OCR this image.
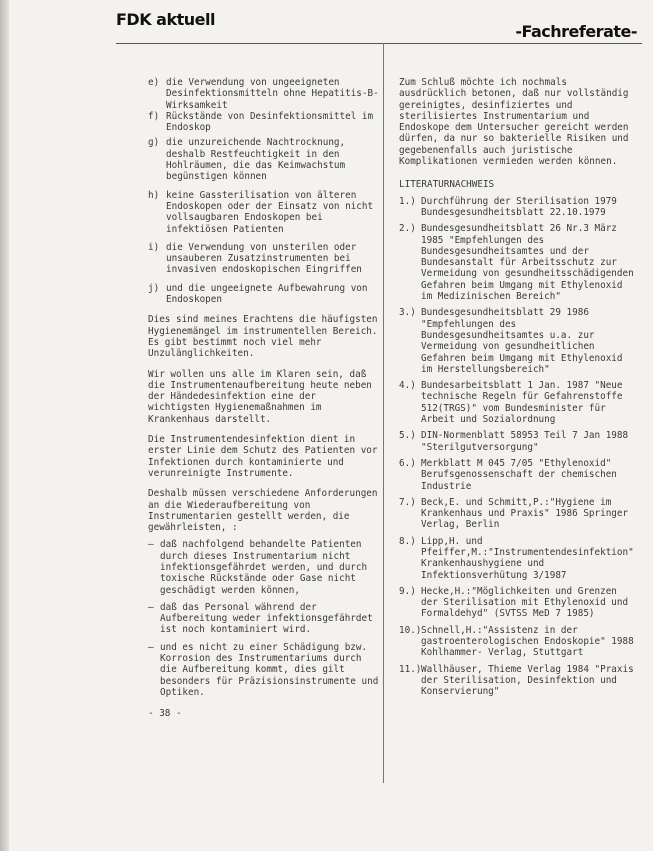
FDK aktuell
-Fachreferate-
e) die Verwendung von ungeeigneten Desinfektionsmitteln ohne Hepatitis-B- Wirksamkeit
f) Rückstände von Desinfektionsmittel im Endoskop
g) die unzureichende Nachtrocknung, deshalb Restfeuchtigkeit in den Hohlräumen, die das Keimwachstum begünstigen können
h) keine Gassterilisation von älteren Endoskopen oder der Einsatz von nicht vollsaugbaren Endoskopen bei infektiösen Patienten
i) die Verwendung von unsterilen oder unsauberen Zusatzinstrumenten bei invasiven endoskopischen Eingriffen
j) und die ungeeignete Aufbewahrung von Endoskopen
Dies sind meines Erachtens die häufigsten Hygienemängel im instrumentellen Bereich. Es gibt bestimmt noch viel mehr Unzulänglichkeiten.
Wir wollen uns alle im Klaren sein, daß die Instrumentenaufbereitung heute neben der Händedesinfektion eine der wichtigsten Hygienemaßnahmen im Krankenhaus darstellt.
Die Instrumentendesinfektion dient in erster Linie dem Schutz des Patienten vor Infektionen durch kontaminierte und verunreinigte Instrumente.
Deshalb müssen verschiedene Anforderungen an die Wiederaufbereitung von Instrumentarien gestellt werden, die gewährleisten, :
– daß nachfolgend behandelte Patienten durch dieses Instrumentarium nicht infektionsgefährdet werden, und durch toxische Rückstände oder Gase nicht geschädigt werden können,
– daß das Personal während der Aufbereitung weder infektionsgefährdet ist noch kontaminiert wird.
– und es nicht zu einer Schädigung bzw. Korrosion des Instrumentariums durch die Aufbereitung kommt, dies gilt besonders für Präzisionsinstrumente und Optiken.
- 38 -
Zum Schluß möchte ich nochmals ausdrücklich betonen, daß nur vollständig gereinigtes, desinfiziertes und sterilisiertes Instrumentarium und Endoskope dem Untersucher gereicht werden dürfen, da nur so bakterielle Risiken und gegebenenfalls auch juristische Komplikationen vermieden werden können.
LITERATURNACHWEIS
1.) Durchführung der Sterilisation 1979 Bundesgesundheitsblatt 22.10.1979
2.) Bundesgesundheitsblatt 26 Nr.3 März 1985 "Empfehlungen des Bundesgesundheitsamtes und der Bundesanstalt für Arbeitsschutz zur Vermeidung von gesundheitsschädigenden Gefahren beim Umgang mit Ethylenoxid im Medizinischen Bereich"
3.) Bundesgesundheitsblatt 29 1986 "Empfehlungen des Bundesgesundheitsamtes u.a. zur Vermeidung von gesundheitlichen Gefahren beim Umgang mit Ethylenoxid im Herstellungsbereich"
4.) Bundesarbeitsblatt 1 Jan. 1987 "Neue technische Regeln für Gefahrenstoffe 512(TRGS)" vom Bundesminister für Arbeit und Sozialordnung
5.) DIN-Normenblatt 58953 Teil 7 Jan 1988 "Sterilgutversorgung"
6.) Merkblatt M 045 7/05 "Ethylenoxid" Berufsgenossenschaft der chemischen Industrie
7.) Beck,E. und Schmitt,P.:"Hygiene im Krankenhaus und Praxis" 1986 Springer Verlag, Berlin
8.) Lipp,H. und Pfeiffer,M.:"Instrumentendesinfektion" Krankenhaushygiene und Infektionsverhütung 3/1987
9.) Hecke,H.:"Möglichkeiten und Grenzen der Sterilisation mit Ethylenoxid und Formaldehyd" (SVTSS MeD 7 1985)
10.) Schnell,H.:"Assistenz in der gastroenterologischen Endoskopie" 1988 Kohlhammer- Verlag, Stuttgart
11.) Wallhäuser, Thieme Verlag 1984 "Praxis der Sterilisation, Desinfektion und Konservierung"
